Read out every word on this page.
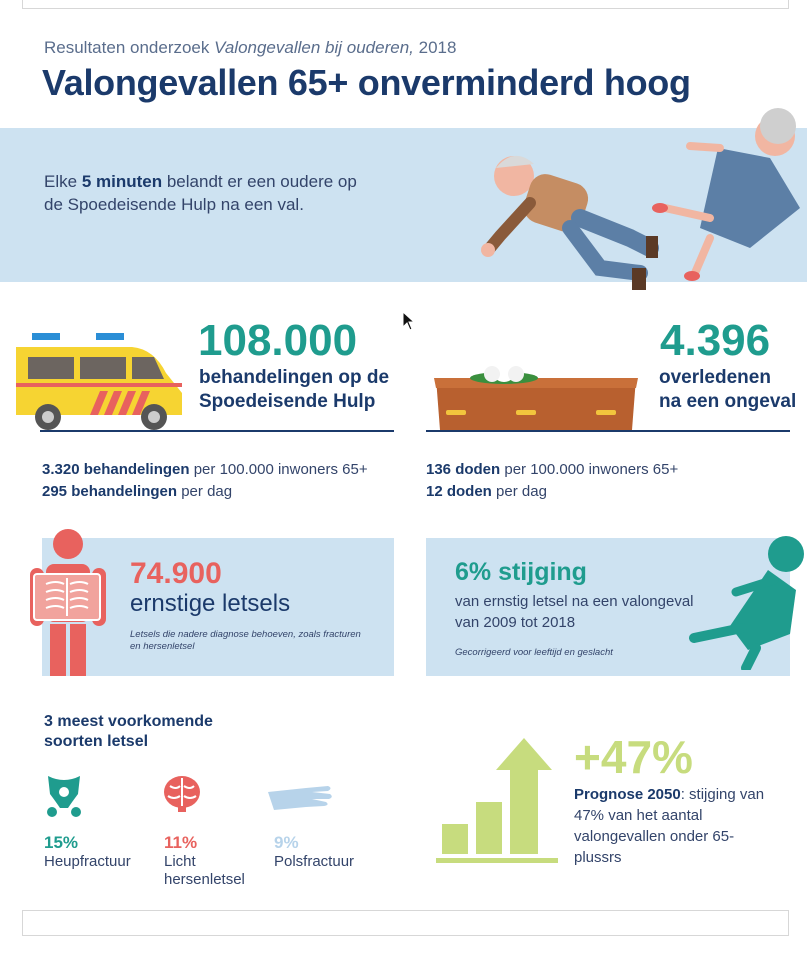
Resultaten onderzoek Valongevallen bij ouderen, 2018
Valongevallen 65+ onverminderd hoog
Elke 5 minuten belandt er een oudere op de Spoedeisende Hulp na een val.
108.000
behandelingen op de
Spoedeisende Hulp
4.396
overledenen
na een ongeval
3.320 behandelingen per 100.000 inwoners 65+
295 behandelingen per dag
136 doden per 100.000 inwoners 65+
12 doden per dag
74.900
ernstige letsels
Letsels die nadere diagnose behoeven, zoals fracturen en hersenletsel
6% stijging
van ernstig letsel na een valongeval van 2009 tot 2018
Gecorrigeerd voor leeftijd en geslacht
3 meest voorkomende soorten letsel
15%
Heupfractuur
11%
Licht hersenletsel
9%
Polsfractuur
+47%
Prognose 2050: stijging van 47% van het aantal valongevallen onder 65-plussrs
